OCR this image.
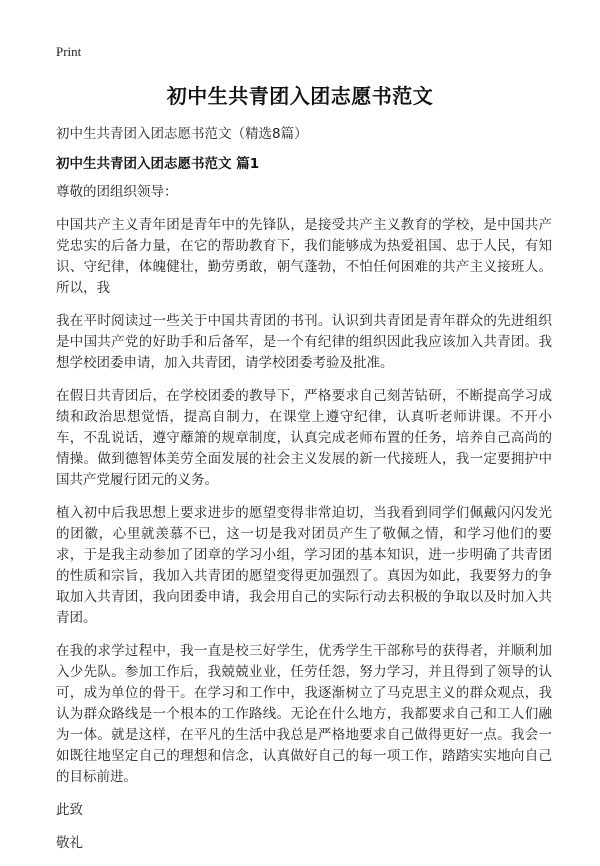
Print
初中生共青团入团志愿书范文
初中生共青团入团志愿书范文（精选8篇）
初中生共青团入团志愿书范文 篇1

尊敬的团组织领导：

中国共产主义青年团是青年中的先锋队，是接受共产主义教育的学校，是中国共产党忠实的后备力量，在它的帮助教育下，我们能够成为热爱祖国、忠于人民，有知识、守纪律，体魄健壮，勤劳勇敢，朝气蓬勃，不怕任何困难的共产主义接班人。所以，我

我在平时阅读过一些关于中国共青团的书刊。认识到共青团是青年群众的先进组织是中国共产党的好助手和后备军，是一个有纪律的组织因此我应该加入共青团。我想学校团委申请，加入共青团，请学校团委考验及批准。

在假日共青团后，在学校团委的教导下，严格要求自己刻苦钻研，不断提高学习成绩和政治思想觉悟，提高自制力，在课堂上遵守纪律，认真听老师讲课。不开小车，不乱说话，遵守蘼箫的规章制度，认真完成老师布置的任务，培养自己高尚的情操。做到德智体美劳全面发展的社会主义发展的新一代接班人，我一定要拥护中国共产党履行团元的义务。

植入初中后我思想上要求进步的愿望变得非常迫切，当我看到同学们佩戴闪闪发光的团徽，心里就羡慕不已，这一切是我对团员产生了敬佩之情，和学习他们的要求，于是我主动参加了团章的学习小组，学习团的基本知识，进一步明确了共青团的性质和宗旨，我加入共青团的愿望变得更加强烈了。真因为如此，我要努力的争取加入共青团，我向团委申请，我会用自己的实际行动去积极的争取以及时加入共青团。

在我的求学过程中，我一直是校三好学生，优秀学生干部称号的获得者，并顺利加入少先队。参加工作后，我兢兢业业，任劳任怨，努力学习，并且得到了领导的认可，成为单位的骨干。在学习和工作中，我逐渐树立了马克思主义的群众观点，我认为群众路线是一个根本的工作路线。无论在什么地方，我都要求自己和工人们融为一体。就是这样，在平凡的生活中我总是严格地要求自己做得更好一点。我会一如既往地坚定自己的理想和信念，认真做好自己的每一项工作，踏踏实实地向自己的目标前进。

此致

敬礼
